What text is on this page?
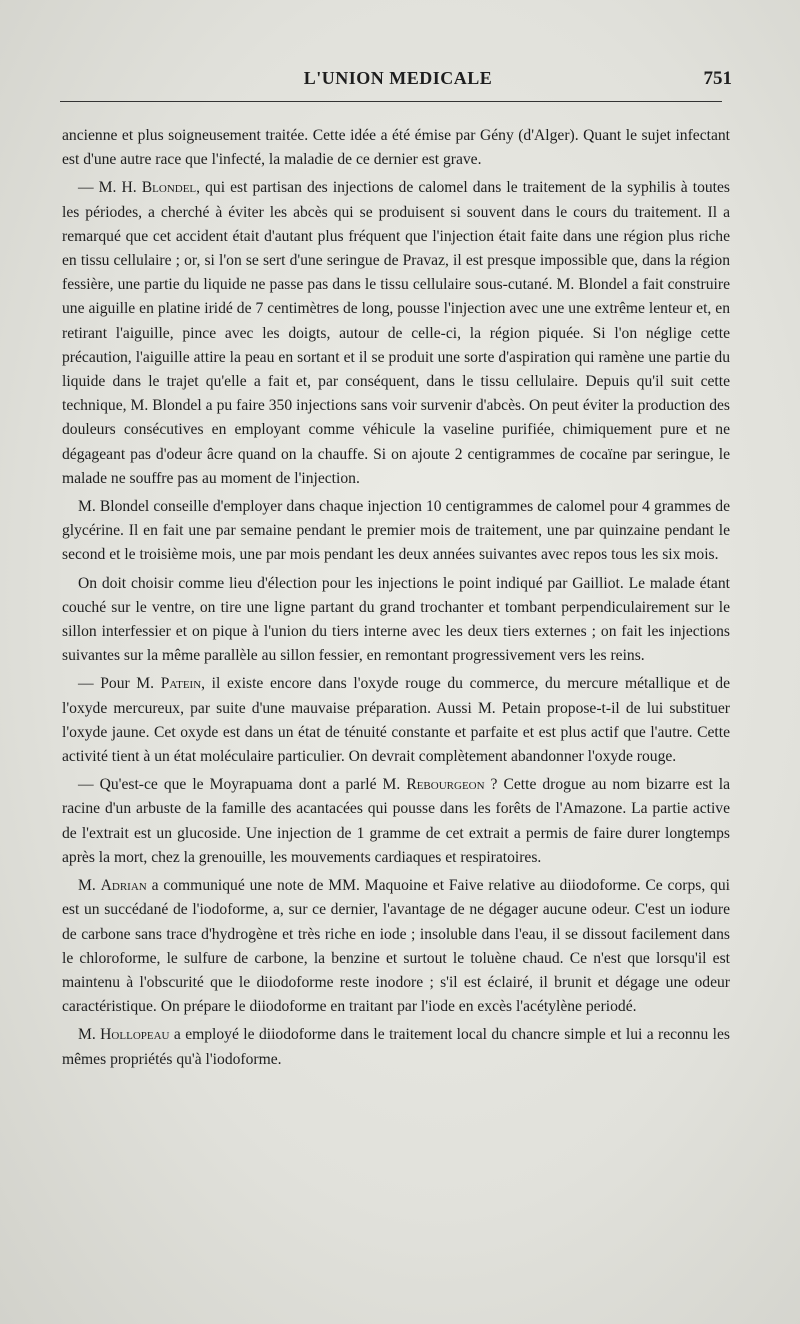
L'UNION MEDICALE	751

ancienne et plus soigneusement traitée. Cette idée a été émise par Gény (d'Alger). Quant le sujet infectant est d'une autre race que l'infecté, la maladie de ce dernier est grave.

— M. H. Blondel, qui est partisan des injections de calomel dans le traitement de la syphilis à toutes les périodes, a cherché à éviter les abcès qui se produisent si souvent dans le cours du traitement. Il a remarqué que cet accident était d'autant plus fréquent que l'injection était faite dans une région plus riche en tissu cellulaire ; or, si l'on se sert d'une seringue de Pravaz, il est presque impossible que, dans la région fessière, une partie du liquide ne passe pas dans le tissu cellulaire sous-cutané. M. Blondel a fait construire une aiguille en platine iridé de 7 centimètres de long, pousse l'injection avec une une extrême lenteur et, en retirant l'aiguille, pince avec les doigts, autour de celle-ci, la région piquée. Si l'on néglige cette précaution, l'aiguille attire la peau en sortant et il se produit une sorte d'aspiration qui ramène une partie du liquide dans le trajet qu'elle a fait et, par conséquent, dans le tissu cellulaire. Depuis qu'il suit cette technique, M. Blondel a pu faire 350 injections sans voir survenir d'abcès. On peut éviter la production des douleurs consécutives en employant comme véhicule la vaseline purifiée, chimiquement pure et ne dégageant pas d'odeur âcre quand on la chauffe. Si on ajoute 2 centigrammes de cocaïne par seringue, le malade ne souffre pas au moment de l'injection.

M. Blondel conseille d'employer dans chaque injection 10 centigrammes de calomel pour 4 grammes de glycérine. Il en fait une par semaine pendant le premier mois de traitement, une par quinzaine pendant le second et le troisième mois, une par mois pendant les deux années suivantes avec repos tous les six mois.

On doit choisir comme lieu d'élection pour les injections le point indiqué par Gailliot. Le malade étant couché sur le ventre, on tire une ligne partant du grand trochanter et tombant perpendiculairement sur le sillon interfessier et on pique à l'union du tiers interne avec les deux tiers externes ; on fait les injections suivantes sur la même parallèle au sillon fessier, en remontant progressivement vers les reins.

— Pour M. Patein, il existe encore dans l'oxyde rouge du commerce, du mercure métallique et de l'oxyde mercureux, par suite d'une mauvaise préparation. Aussi M. Petain propose-t-il de lui substituer l'oxyde jaune. Cet oxyde est dans un état de ténuité constante et parfaite et est plus actif que l'autre. Cette activité tient à un état moléculaire particulier. On devrait complètement abandonner l'oxyde rouge.

— Qu'est-ce que le Moyrapuama dont a parlé M. Rebourgeon ? Cette drogue au nom bizarre est la racine d'un arbuste de la famille des acantacées qui pousse dans les forêts de l'Amazone. La partie active de l'extrait est un glucoside. Une injection de 1 gramme de cet extrait a permis de faire durer longtemps après la mort, chez la grenouille, les mouvements cardiaques et respiratoires.

M. Adrian a communiqué une note de MM. Maquoine et Faive relative au diiodoforme. Ce corps, qui est un succédané de l'iodoforme, a, sur ce dernier, l'avantage de ne dégager aucune odeur. C'est un iodure de carbone sans trace d'hydrogène et très riche en iode ; insoluble dans l'eau, il se dissout facilement dans le chloroforme, le sulfure de carbone, la benzine et surtout le toluène chaud. Ce n'est que lorsqu'il est maintenu à l'obscurité que le diiodoforme reste inodore ; s'il est éclairé, il brunit et dégage une odeur caractéristique. On prépare le diiodoforme en traitant par l'iode en excès l'acétylène periodé.

M. Hollopeau a employé le diiodoforme dans le traitement local du chancre simple et lui a reconnu les mêmes propriétés qu'à l'iodoforme.
